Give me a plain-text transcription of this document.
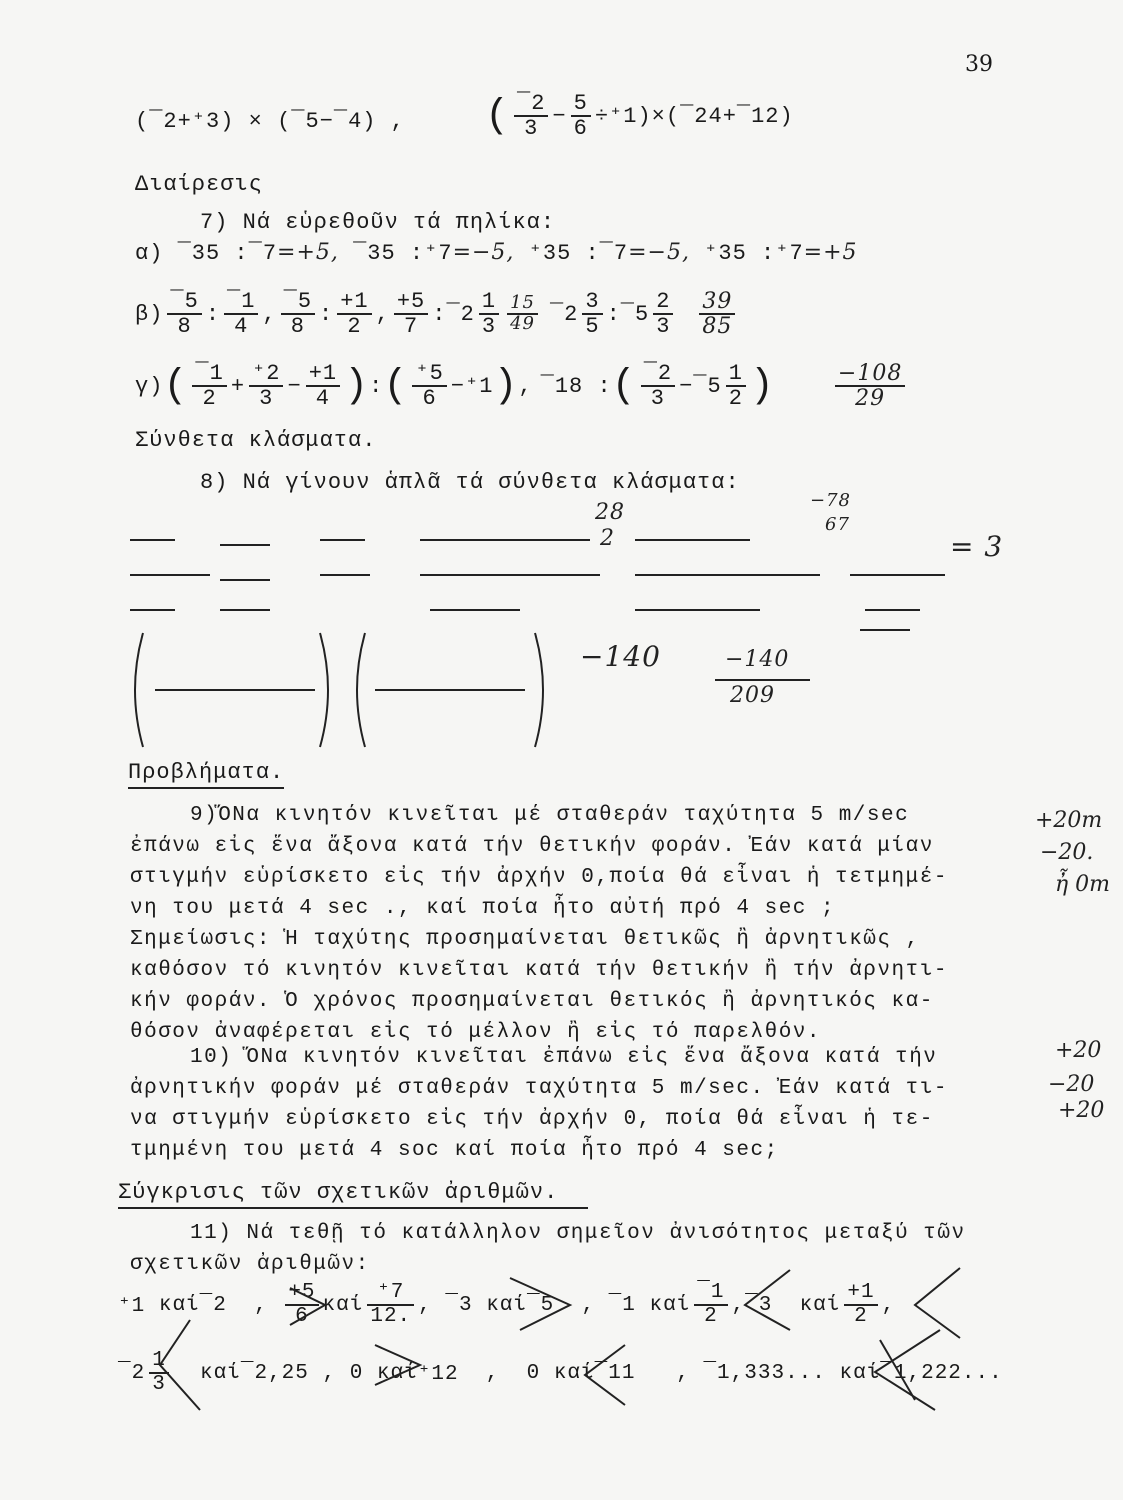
39
(¯2+⁺3) × (¯5−¯4) , ( $\frac{¯2}{3} - \frac{5}{6}$ ÷⁺1)×(¯24+¯12)
Διαίρεσις
7) Νά εὑρεθοῦν τά πηλίκα:
α) ¯35 :¯7=+5, ¯35 :⁺7=−5, ⁺35 :¯7=−5, ⁺35 :⁺7=+5
$\beta) \frac{¯5}{8}$ : $\frac{¯1}{4}$ , $\frac{¯5}{8}$ : $\frac{+1}{2}$ , $\frac{+5}{7}$ :¯2 $\frac{1}{3} \frac{15}{49}$ ¯2 $\frac{3}{5}$ :¯5 $\frac{2}{3} \frac{39}{85}$
γ) ( $\frac{¯1}{2} + \frac{^+2}{3} - \frac{+1}{4}$ ) : ( $\frac{^+5}{6} -^+1$ ) , ¯18 : ( $\frac{¯2}{3}$ −¯5 $\frac{1}{2}$ )	$\frac{-108}{29}$
Σύνθετα κλάσματα.
8) Νά γίνουν ἁπλᾶ τά σύνθετα κλάσματα:
−78
67
28
2	= 3
−140	−140
209
Προβλήματα.
9)ὍΝα κινητόν κινεῖται μέ σταθεράν ταχύτητα 5 m/sec
ἐπάνω εἰς ἕνα ἄξονα κατά τήν θετικήν φοράν. Ἐάν κατά μίαν
στιγμήν εὑρίσκετο εἰς τήν ἀρχήν 0,ποία θά εἶναι ἡ τετμημέ-
νη του μετά 4 sec ., καί ποία ἦτο αὐτή πρό 4 sec ;
Σημείωσις: Ἡ ταχύτης προσημαίνεται θετικῶς ἢ ἀρνητικῶς ,
καθόσον τό κινητόν κινεῖται κατά τήν θετικήν ἢ τήν ἀρνητι-
κήν φοράν. Ὁ χρόνος προσημαίνεται θετικός ἢ ἀρνητικός κα-
θόσον ἀναφέρεται εἰς τό μέλλον ἢ εἰς τό παρελθόν.
+20m
−20.
ἦ 0m
10) ὍΝα κινητόν κινεῖται ἐπάνω εἰς ἕνα ἄξονα κατά τήν
ἀρνητικήν φοράν μέ σταθεράν ταχύτητα 5 m/sec. Ἐάν κατά τι-
να στιγμήν εὑρίσκετο εἰς τήν ἀρχήν 0, ποία θά εἶναι ἡ τε-
τμημένη του μετά 4 soc καί ποία ἦτο πρό 4 sec;
+20
−20
+20
Σύγκρισις τῶν σχετικῶν ἀριθμῶν.
11) Νά τεθῇ τό κατάλληλον σημεῖον ἀνισότητος μεταξύ τῶν
σχετικῶν ἀριθμῶν:
⁺1
καί ¯2 , $\frac{+5}{6}$ καί $\frac{^+7}{12.}$ , ¯3
καί ¯5 , ¯1
καί $\frac{¯1}{2}$ , ¯3
καί $\frac{+1}{2}$ ,
¯2 $\frac{1}{3}$
καί ¯2,25 , 0
καί ⁺12 , 0
καί ¯11 , ¯1,333...
καί ¯1,222...
